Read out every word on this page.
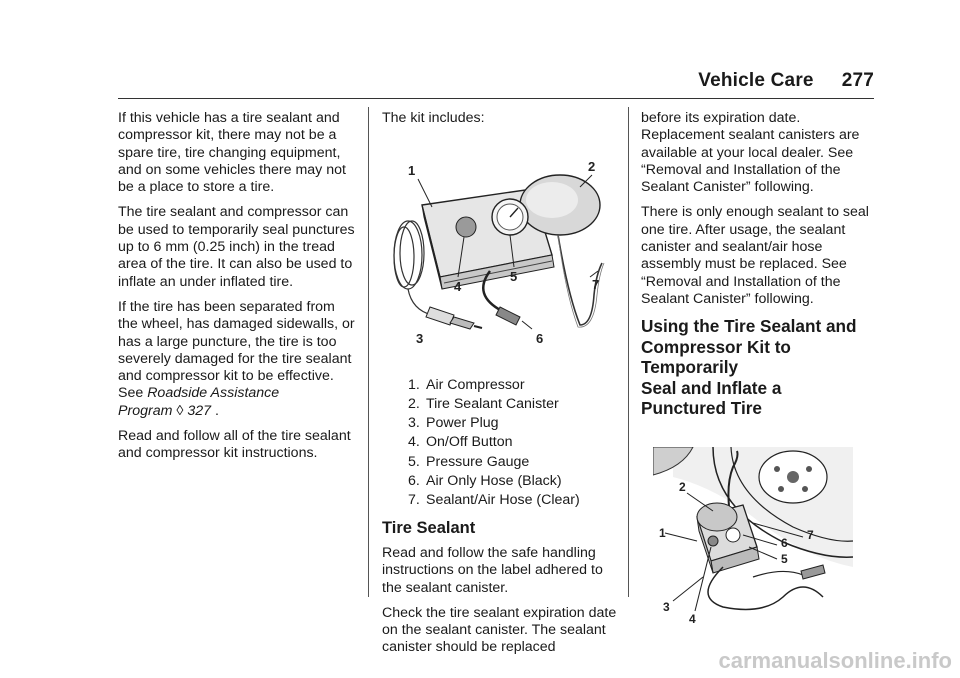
Vehicle Care 277

If this vehicle has a tire sealant and compressor kit, there may not be a spare tire, tire changing equipment, and on some vehicles there may not be a place to store a tire.

The tire sealant and compressor can be used to temporarily seal punctures up to 6 mm (0.25 inch) in the tread area of the tire. It can also be used to inflate an under inflated tire.

If the tire has been separated from the wheel, has damaged sidewalls, or has a large puncture, the tire is too severely damaged for the tire sealant and compressor kit to be effective. See Roadside Assistance
Program ◊ 327 .

Read and follow all of the tire sealant and compressor kit instructions.

The kit includes:

1	2
3
4
5
6
7
1. Air Compressor
2. Tire Sealant Canister
3. Power Plug
4. On/Off Button
5. Pressure Gauge
6. Air Only Hose (Black)
7. Sealant/Air Hose (Clear)
Tire Sealant

Read and follow the safe handling instructions on the label adhered to the sealant canister.

Check the tire sealant expiration date on the sealant canister. The sealant canister should be replaced

before its expiration date. Replacement sealant canisters are available at your local dealer. See “Removal and Installation of the Sealant Canister” following.

There is only enough sealant to seal one tire. After usage, the sealant canister and sealant/air hose assembly must be replaced. See “Removal and Installation of the Sealant Canister” following.

Using the Tire Sealant and
Compressor Kit to Temporarily
Seal and Inflate a
Punctured Tire
1
2
3
4
5
6
7
carmanualsonline.info
